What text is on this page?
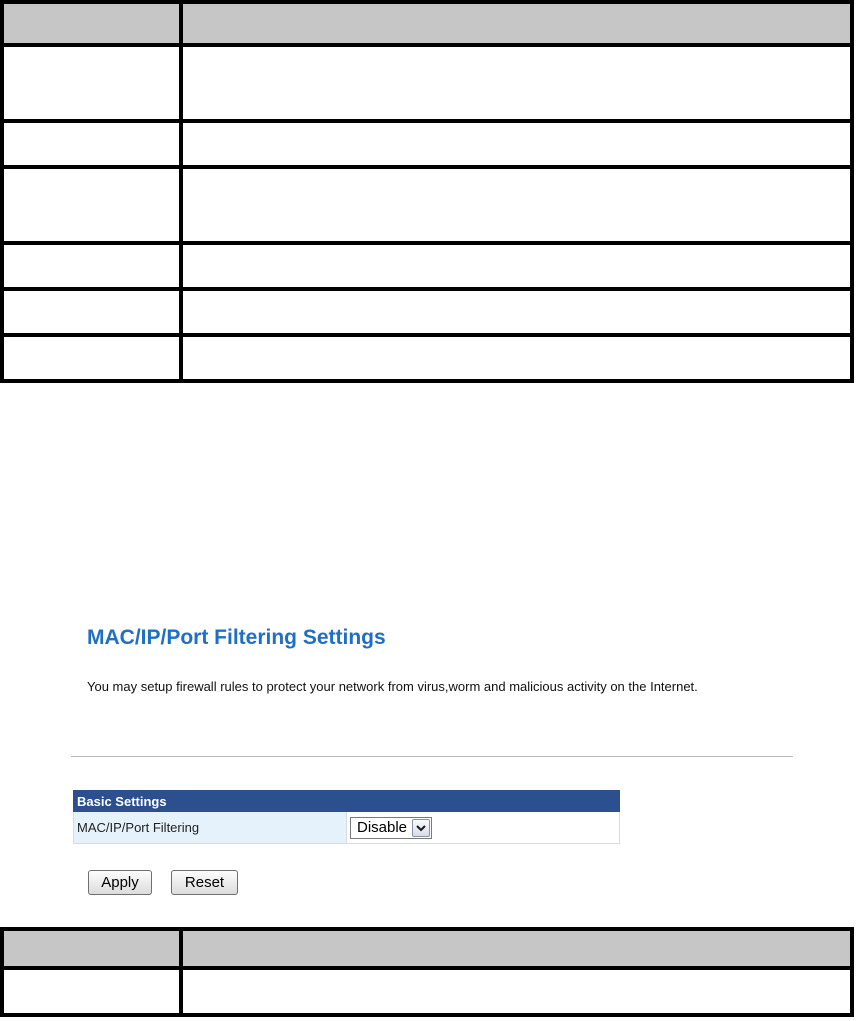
MAC/IP/Port Filtering Settings

You may setup firewall rules to protect your network from virus,worm and malicious activity on the Internet.

Basic Settings
MAC/IP/Port Filtering	Disable
Apply	Reset
